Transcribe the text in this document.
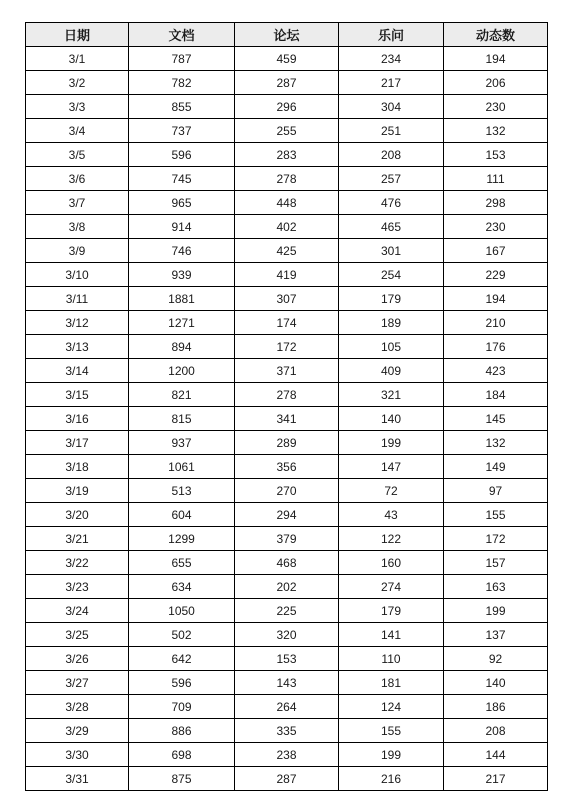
日期	文档	论坛	乐问	动态数
3/1	787	459	234	194
3/2	782	287	217	206
3/3	855	296	304	230
3/4	737	255	251	132
3/5	596	283	208	153
3/6	745	278	257	111
3/7	965	448	476	298
3/8	914	402	465	230
3/9	746	425	301	167
3/10	939	419	254	229
3/11	1881	307	179	194
3/12	1271	174	189	210
3/13	894	172	105	176
3/14	1200	371	409	423
3/15	821	278	321	184
3/16	815	341	140	145
3/17	937	289	199	132
3/18	1061	356	147	149
3/19	513	270	72	97
3/20	604	294	43	155
3/21	1299	379	122	172
3/22	655	468	160	157
3/23	634	202	274	163
3/24	1050	225	179	199
3/25	502	320	141	137
3/26	642	153	110	92
3/27	596	143	181	140
3/28	709	264	124	186
3/29	886	335	155	208
3/30	698	238	199	144
3/31	875	287	216	217
